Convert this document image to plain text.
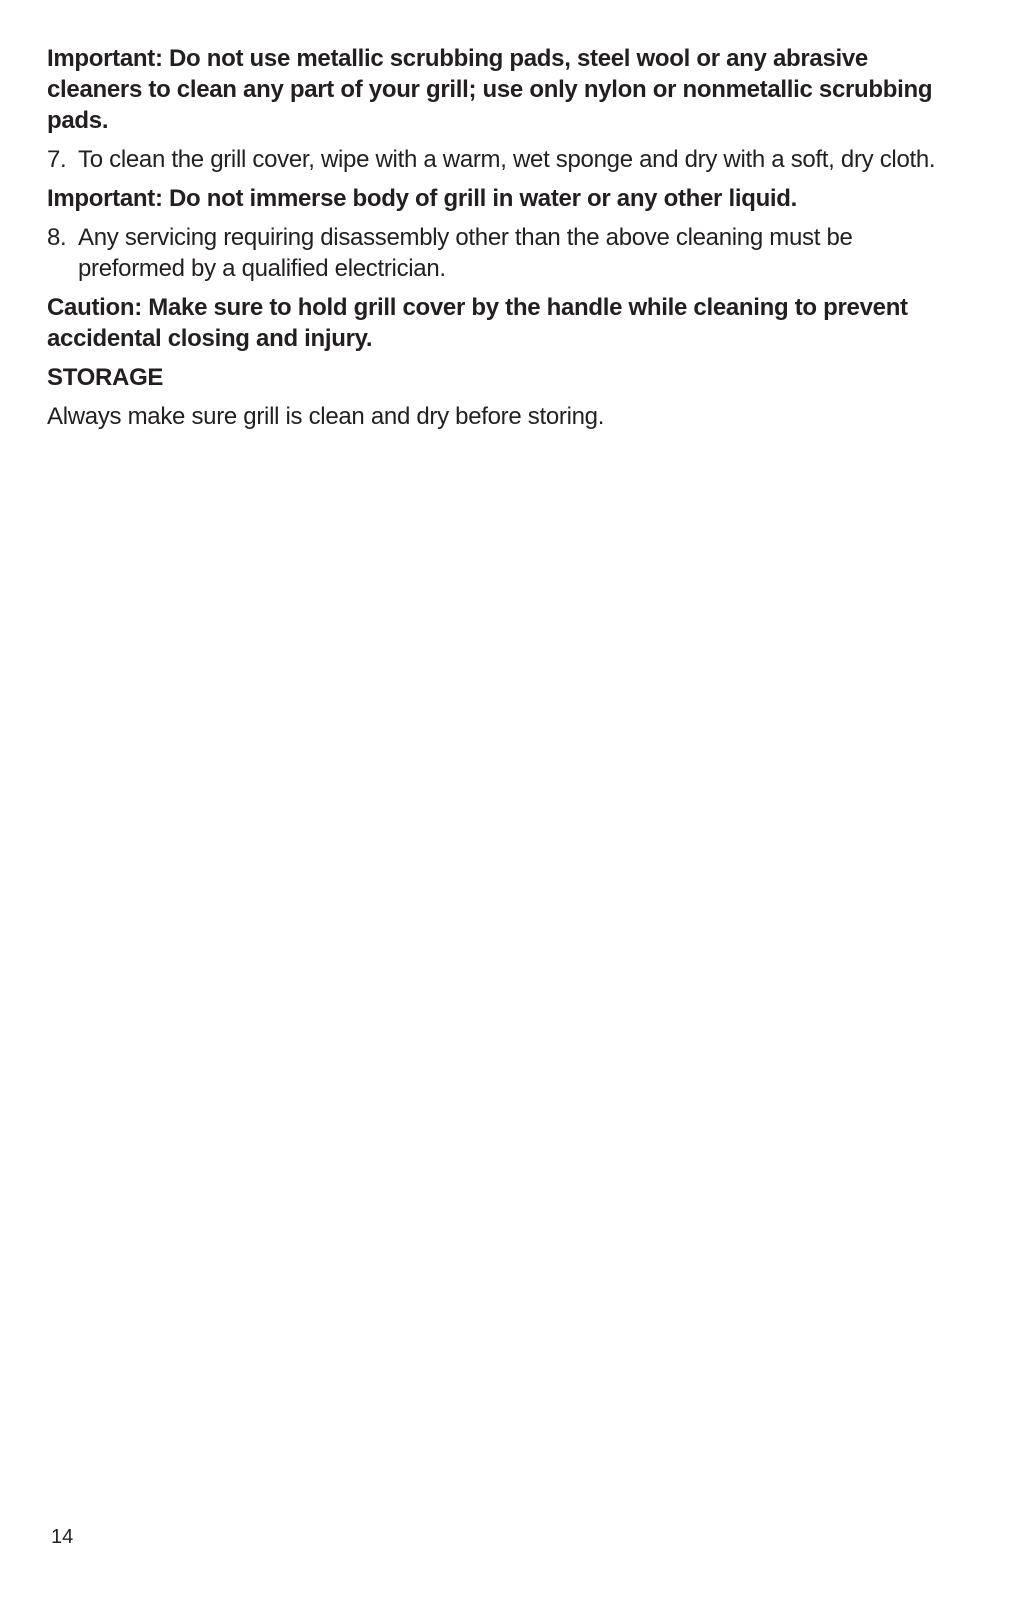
Important: Do not use metallic scrubbing pads, steel wool or any abrasive cleaners to clean any part of your grill; use only nylon or nonmetallic scrubbing pads.

7. To clean the grill cover, wipe with a warm, wet sponge and dry with a soft, dry cloth.

Important: Do not immerse body of grill in water or any other liquid.

8. Any servicing requiring disassembly other than the above cleaning must be preformed by a qualified electrician.

Caution: Make sure to hold grill cover by the handle while cleaning to prevent accidental closing and injury.

STORAGE

Always make sure grill is clean and dry before storing.

14
